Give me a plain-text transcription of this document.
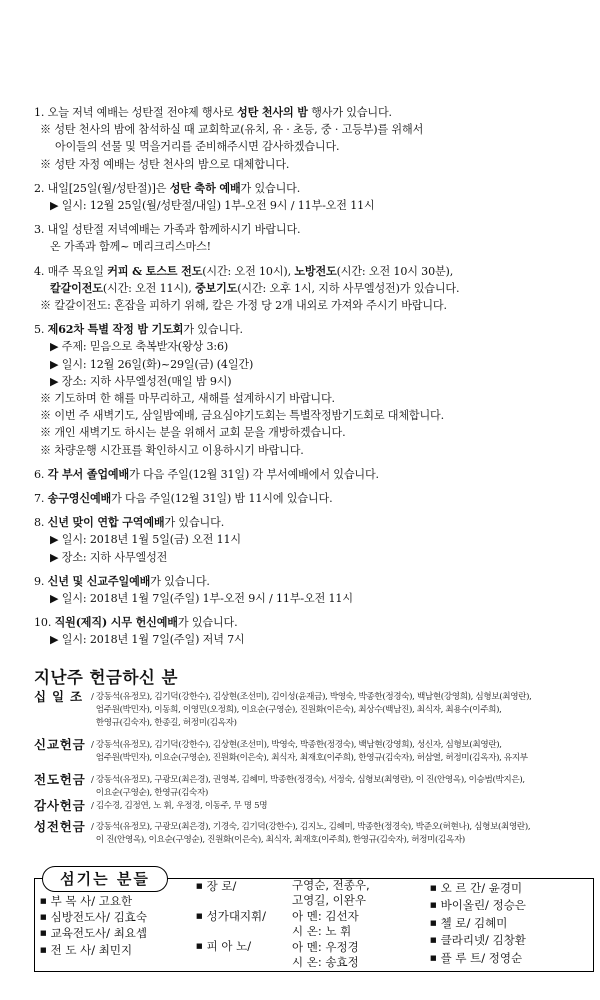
1. 오늘 저녁 예배는 성탄절 전야제 행사로 성탄 천사의 밤 행사가 있습니다.
※ 성탄 천사의 밤에 참석하실 때 교회학교(유치, 유 · 초등, 중 · 고등부)를 위해서
아이들의 선물 및 먹을거리를 준비해주시면 감사하겠습니다.
※ 성탄 자정 예배는 성탄 천사의 밤으로 대체합니다.
2. 내일[25일(월/성탄절)]은 성탄 축하 예배가 있습니다.
▶ 일시: 12월 25일(월/성탄절/내일) 1부-오전 9시 / 11부-오전 11시
3. 내일 성탄절 저녁예배는 가족과 함께하시기 바랍니다.
온 가족과 함께~ 메리크리스마스!
4. 매주 목요일 커피 & 토스트 전도(시간: 오전 10시), 노방전도(시간: 오전 10시 30분),
칼갈이전도(시간: 오전 11시), 중보기도(시간: 오후 1시, 지하 사무엘성전)가 있습니다.
※ 칼갈이전도: 혼잡을 피하기 위해, 칼은 가정 당 2개 내외로 가져와 주시기 바랍니다.
5. 제62차 특별 작정 밤 기도회가 있습니다.
▶ 주제: 믿음으로 축복받자(왕상 3:6)
▶ 일시: 12월 26일(화)~29일(금) (4일간)
▶ 장소: 지하 사무엘성전(매일 밤 9시)
※ 기도하며 한 해를 마무리하고, 새해를 설계하시기 바랍니다.
※ 이번 주 새벽기도, 삼일밤예배, 금요심야기도회는 특별작정밤기도회로 대체합니다.
※ 개인 새벽기도 하시는 분을 위해서 교회 문을 개방하겠습니다.
※ 차량운행 시간표를 확인하시고 이용하시기 바랍니다.
6. 각 부서 졸업예배가 다음 주일(12월 31일) 각 부서예배에서 있습니다.
7. 송구영신예배가 다음 주일(12월 31일) 밤 11시에 있습니다.
8. 신년 맞이 연합 구역예배가 있습니다.
▶ 일시: 2018년 1월 5일(금) 오전 11시
▶ 장소: 지하 사무엘성전
9. 신년 및 신교주일예배가 있습니다.
▶ 일시: 2018년 1월 7일(주일) 1부-오전 9시 / 11부-오전 11시
10. 직원(제직) 시무 헌신예배가 있습니다.
▶ 일시: 2018년 1월 7일(주일) 저녁 7시
지난주 헌금하신 분
십 일 조 / 강동석(유정모), 김기덕(강한수), 김상현(조선미), 김이성(윤재금), 박영숙, 박종한(정경숙), 백남현(강영희), 심형보(최영란),
엄주원(박민자), 이동희, 이영민(오정희), 이요순(구영순), 진원화(이은숙), 최상수(백남진), 최식자, 최용수(이주희),
한영규(김숙자), 한종길, 허정미(김옥자)
신교헌금 / 강동석(유정모), 김기덕(강한수), 김상현(조선미), 박영숙, 박종한(정경숙), 백남현(강영희), 성신자, 심형보(최영란),
엄주원(박민자), 이요순(구영순), 진원화(이은숙), 최식자, 최재호(이주희), 한영규(김숙자), 허삼열, 허정미(김옥자), 유지부
전도헌금 / 강동석(유정모), 구광모(최은경), 권영복, 김혜미, 박종한(정경숙), 서정숙, 심형보(최영란), 이 진(안영옥), 이승범(박지은),
이요순(구영순), 한영규(김숙자)
감사헌금 / 김수경, 김정연, 노 휘, 우정경, 이동주, 무 명 5명
성전헌금 / 강동석(유정모), 구광모(최은경), 기경숙, 김기덕(강한수), 김지노, 김혜미, 박종한(정경숙), 박준오(허현나), 심형보(최영란),
이 진(안영옥), 이요순(구영순), 진원화(이은숙), 최식자, 최재호(이주희), 한영규(김숙자), 허정미(김옥자)
섬기는 분들
■ 부 목 사/ 고요한
■ 심방전도사/ 김효숙
■ 교육전도사/ 최요셉
■ 전 도 사/ 최민지
■ 장 로/
■ 성가대지휘/
■ 피 아 노/
구영순, 전종우,
고영길, 이완우
아 멘: 김선자
시 온: 노 휘
아 멘: 우정경
시 온: 송효정
■ 오 르 간/ 윤경미
■ 바이올린/ 정승은
■ 첼 로/ 김혜미
■ 클라리넷/ 김창환
■ 플 루 트/ 정영순
